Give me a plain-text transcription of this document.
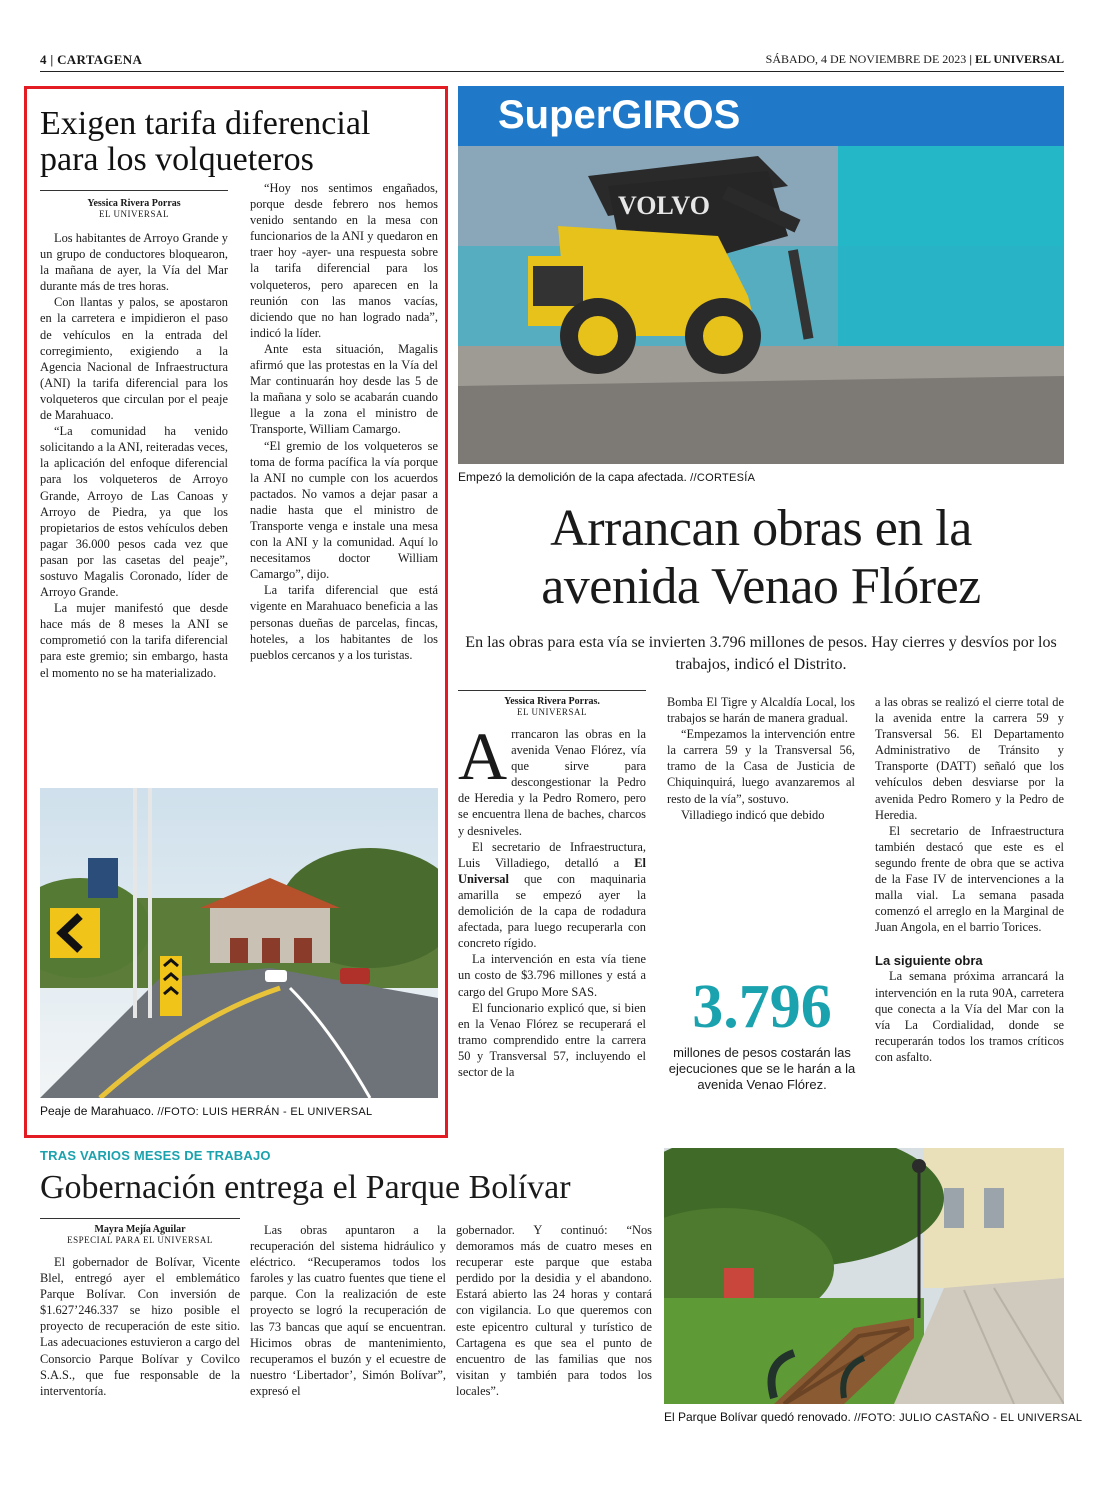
4 | CARTAGENA	SÁBADO, 4 DE NOVIEMBRE DE 2023 | EL UNIVERSAL
Exigen tarifa diferencial
para los volqueteros
Yessica Rivera Porras
EL UNIVERSAL

Los habitantes de Arroyo Grande y un grupo de conductores bloquearon, la mañana de ayer, la Vía del Mar durante más de tres horas.

Con llantas y palos, se apostaron en la carretera e impidieron el paso de vehículos en la entrada del corregimiento, exigiendo a la Agencia Nacional de Infraestructura (ANI) la tarifa diferencial para los volqueteros que circulan por el peaje de Marahuaco.

“La comunidad ha venido solicitando a la ANI, reiteradas veces, la aplicación del enfoque diferencial para los volqueteros de Arroyo Grande, Arroyo de Las Canoas y Arroyo de Piedra, ya que los propietarios de estos vehículos deben pagar 36.000 pesos cada vez que pasan por las casetas del peaje”, sostuvo Magalis Coronado, líder de Arroyo Grande.

La mujer manifestó que desde hace más de 8 meses la ANI se comprometió con la tarifa diferencial para este gremio; sin embargo, hasta el momento no se ha materializado.

“Hoy nos sentimos engañados, porque desde febrero nos hemos venido sentando en la mesa con funcionarios de la ANI y quedaron en traer hoy -ayer- una respuesta sobre la tarifa diferencial para los volqueteros, pero aparecen en la reunión con las manos vacías, diciendo que no han logrado nada”, indicó la líder.

Ante esta situación, Magalis afirmó que las protestas en la Vía del Mar continuarán hoy desde las 5 de la mañana y solo se acabarán cuando llegue a la zona el ministro de Transporte, William Camargo.

“El gremio de los volqueteros se toma de forma pacífica la vía porque la ANI no cumple con los acuerdos pactados. No vamos a dejar pasar a nadie hasta que el ministro de Transporte venga e instale una mesa con la ANI y la comunidad. Aquí lo necesitamos doctor William Camargo”, dijo.

La tarifa diferencial que está vigente en Marahuaco beneficia a las personas dueñas de parcelas, fincas, hoteles, a los habitantes de los pueblos cercanos y a los turistas.

Peaje de Marahuaco. //FOTO: LUIS HERRÁN - EL UNIVERSAL
SuperGIROS
VOLVO
Empezó la demolición de la capa afectada. //CORTESÍA
Arrancan obras en la
avenida Venao Flórez
En las obras para esta vía se invierten 3.796 millones de pesos. Hay cierres y desvíos por los trabajos, indicó el Distrito.
Yessica Rivera Porras.
EL UNIVERSAL

Arrancaron las obras en la avenida Venao Flórez, vía que sirve para descongestionar la Pedro de Heredia y la Pedro Romero, pero se encuentra llena de baches, charcos y desniveles.

El secretario de Infraestructura, Luis Villadiego, detalló a El Universal que con maquinaria amarilla se empezó ayer la demolición de la capa de rodadura afectada, para luego recuperarla con concreto rígido.

La intervención en esta vía tiene un costo de $3.796 millones y está a cargo del Grupo More SAS.

El funcionario explicó que, si bien en la Venao Flórez se recuperará el tramo comprendido entre la carrera 50 y Transversal 57, incluyendo el sector de la

Bomba El Tigre y Alcaldía Local, los trabajos se harán de manera gradual.

“Empezamos la intervención entre la carrera 59 y la Transversal 56, tramo de la Casa de Justicia de Chiquinquirá, luego avanzaremos al resto de la vía”, sostuvo.

Villadiego indicó que debido

3.796
millones de pesos costarán las ejecuciones que se le harán a la avenida Venao Flórez.

a las obras se realizó el cierre total de la avenida entre la carrera 59 y Transversal 56. El Departamento Administrativo de Tránsito y Transporte (DATT) señaló que los vehículos deben desviarse por la avenida Pedro Romero y la Pedro de Heredia.

El secretario de Infraestructura también destacó que este es el segundo frente de obra que se activa de la Fase IV de intervenciones a la malla vial. La semana pasada comenzó el arreglo en la Marginal de Juan Angola, en el barrio Torices.

La siguiente obra

La semana próxima arrancará la intervención en la ruta 90A, carretera que conecta a la Vía del Mar con la vía La Cordialidad, donde se recuperarán todos los tramos críticos con asfalto.

TRAS VARIOS MESES DE TRABAJO
Gobernación entrega el Parque Bolívar
Mayra Mejía Aguilar
ESPECIAL PARA EL UNIVERSAL

El gobernador de Bolívar, Vicente Blel, entregó ayer el emblemático Parque Bolívar. Con inversión de $1.627’246.337 se hizo posible el proyecto de recuperación de este sitio. Las adecuaciones estuvieron a cargo del Consorcio Parque Bolívar y Covilco S.A.S., que fue responsable de la interventoría.

Las obras apuntaron a la recuperación del sistema hidráulico y eléctrico. “Recuperamos todos los faroles y las cuatro fuentes que tiene el parque. Con la realización de este proyecto se logró la recuperación de las 73 bancas que aquí se encuentran. Hicimos obras de mantenimiento, recuperamos el buzón y el ecuestre de nuestro ‘Libertador’, Simón Bolívar”, expresó el

gobernador. Y continuó: “Nos demoramos más de cuatro meses en recuperar este parque que estaba perdido por la desidia y el abandono. Estará abierto las 24 horas y contará con vigilancia. Lo que queremos con este epicentro cultural y turístico de Cartagena es que sea el punto de encuentro de las familias que nos visitan y también para todos los locales”.

El Parque Bolívar quedó renovado. //FOTO: JULIO CASTAÑO - EL UNIVERSAL
